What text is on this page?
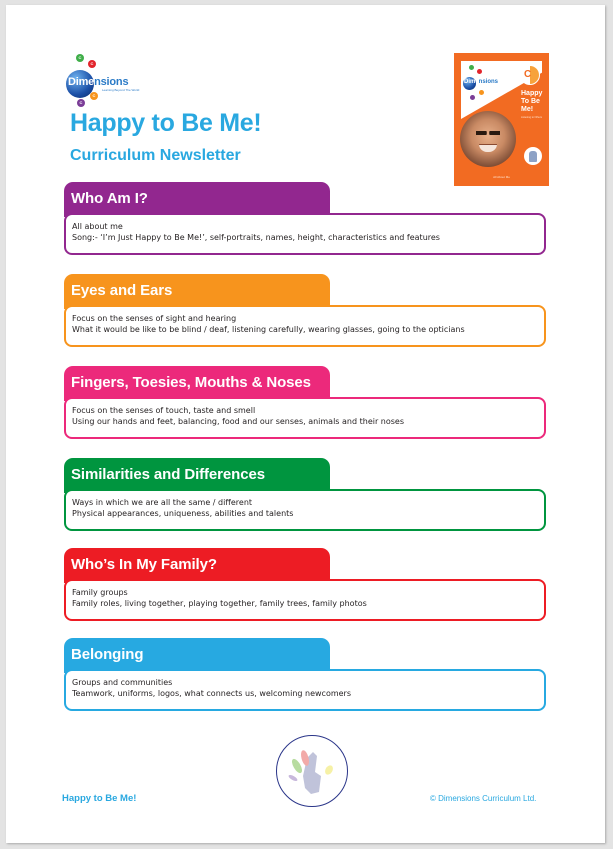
C
C
C
C
Dimensions
Learning Beyond The World
Happy to Be Me!
Curriculum Newsletter
Dimensions
C
Happy To Be Me!
Listening to Others
All About Me
Who Am I?
All about me
Song:- ‘I’m Just Happy to Be Me!’, self-portraits, names, height, characteristics and features
Eyes and Ears
Focus on the senses of sight and hearing
What it would be like to be blind / deaf, listening carefully, wearing glasses, going to the opticians
Fingers, Toesies, Mouths & Noses
Focus on the senses of touch, taste and smell
Using our hands and feet, balancing, food and our senses, animals and their noses
Similarities and Differences
Ways in which we are all the same / different
Physical appearances, uniqueness, abilities and talents
Who’s In My Family?
Family groups
Family roles, living together, playing together, family trees, family photos
Belonging
Groups and communities
Teamwork, uniforms, logos, what connects us, welcoming newcomers
Happy to Be Me!	© Dimensions Curriculum Ltd.
